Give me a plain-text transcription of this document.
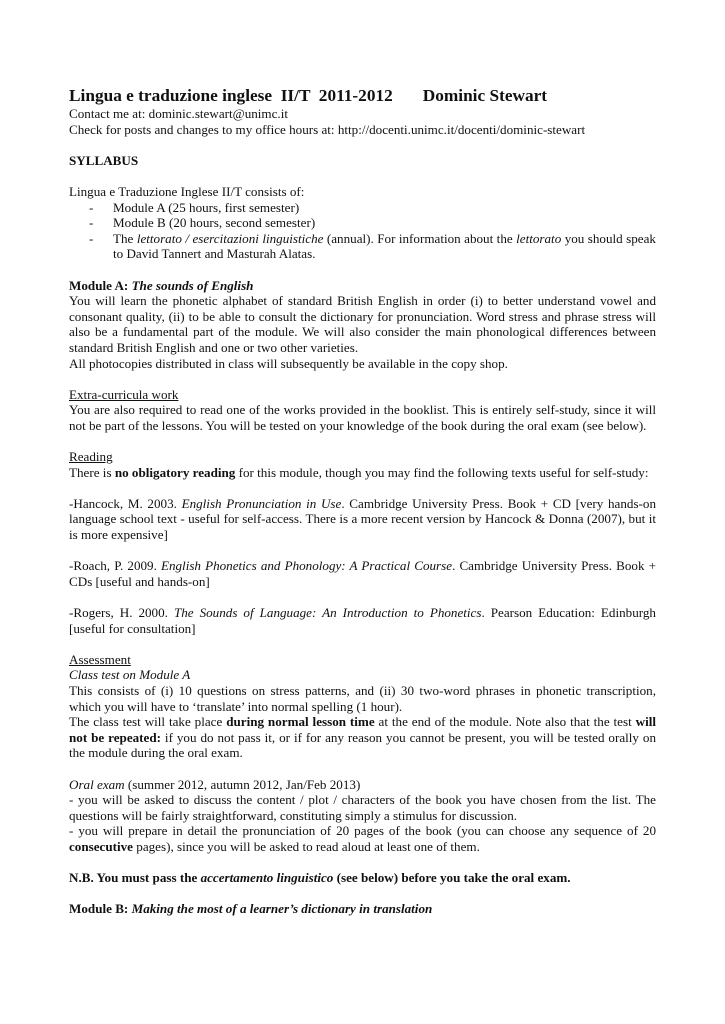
Lingua e traduzione inglese  II/T  2011-2012 Dominic Stewart
Contact me at: dominic.stewart@unimc.it
Check for posts and changes to my office hours at: http://docenti.unimc.it/docenti/dominic-stewart
SYLLABUS
Lingua e Traduzione Inglese II/T consists of:
- Module A (25 hours, first semester)
- Module B (20 hours, second semester)
- The lettorato / esercitazioni linguistiche (annual). For information about the lettorato you should speak to David Tannert and Masturah Alatas.
Module A: The sounds of English
You will learn the phonetic alphabet of standard British English in order (i) to better understand vowel and consonant quality, (ii) to be able to consult the dictionary for pronunciation. Word stress and phrase stress will also be a fundamental part of the module. We will also consider the main phonological differences between standard British English and one or two other varieties.
All photocopies distributed in class will subsequently be available in the copy shop.
Extra-curricula work
You are also required to read one of the works provided in the booklist. This is entirely self-study, since it will not be part of the lessons. You will be tested on your knowledge of the book during the oral exam (see below).
Reading
There is no obligatory reading for this module, though you may find the following texts useful for self-study:
-Hancock, M. 2003. English Pronunciation in Use. Cambridge University Press. Book + CD [very hands-on language school text - useful for self-access. There is a more recent version by Hancock & Donna (2007), but it is more expensive]
-Roach, P. 2009. English Phonetics and Phonology: A Practical Course. Cambridge University Press. Book + CDs [useful and hands-on]
-Rogers, H. 2000. The Sounds of Language: An Introduction to Phonetics. Pearson Education: Edinburgh [useful for consultation]
Assessment
Class test on Module A
This consists of (i) 10 questions on stress patterns, and (ii) 30 two-word phrases in phonetic transcription, which you will have to ‘translate’ into normal spelling (1 hour).
The class test will take place during normal lesson time at the end of the module. Note also that the test will not be repeated: if you do not pass it, or if for any reason you cannot be present, you will be tested orally on the module during the oral exam.
Oral exam (summer 2012, autumn 2012, Jan/Feb 2013)
- you will be asked to discuss the content / plot / characters of the book you have chosen from the list. The questions will be fairly straightforward, constituting simply a stimulus for discussion.
- you will prepare in detail the pronunciation of 20 pages of the book (you can choose any sequence of 20 consecutive pages), since you will be asked to read aloud at least one of them.
N.B. You must pass the accertamento linguistico (see below) before you take the oral exam.
Module B: Making the most of a learner’s dictionary in translation
